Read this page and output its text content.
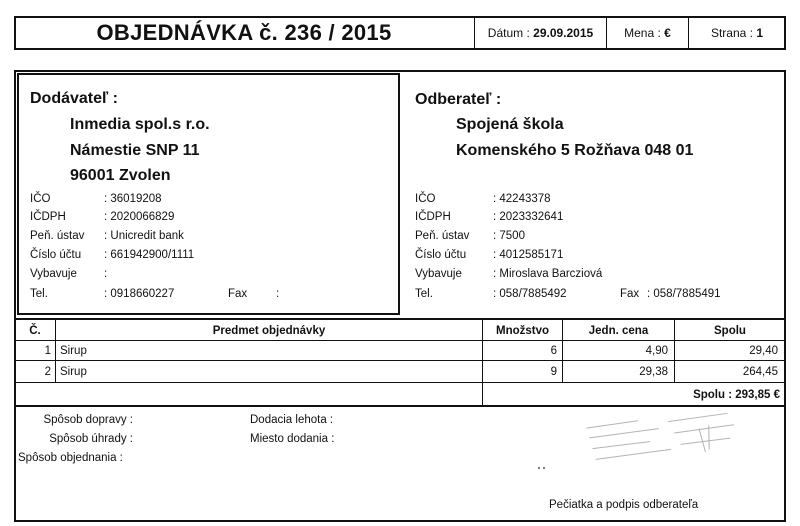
OBJEDNÁVKA č. 236 / 2015	Dátum : 29.09.2015	Mena : €	Strana : 1
Dodávateľ :
Inmedia spol.s r.o.
Námestie SNP 11
96001 Zvolen
IČO	: 36019208
IČDPH	: 2020066829
Peň. ústav : Unicredit bank
Číslo účtu : 661942900/1111
Vybavuje :
Tel.	: 0918660227	Fax	:
Odberateľ :
Spojená škola
Komenského 5 Rožňava 048 01
IČO	: 42243378
IČDPH	: 2023332641
Peň. ústav : 7500
Číslo účtu : 4012585171
Vybavuje	: Miroslava Barcziová
Tel.	: 058/7885492	Fax : 058/7885491
Č.	Predmet objednávky	Množstvo	Jedn. cena	Spolu
1 Sirup	6	4,90	29,40
2 Sirup	9	29,38	264,45
Spolu : 293,85 €
Spôsob dopravy :
Spôsob úhrady :
Spôsob objednania :
Dodacia lehota :
Miesto dodania :
Pečiatka a podpis odberateľa
